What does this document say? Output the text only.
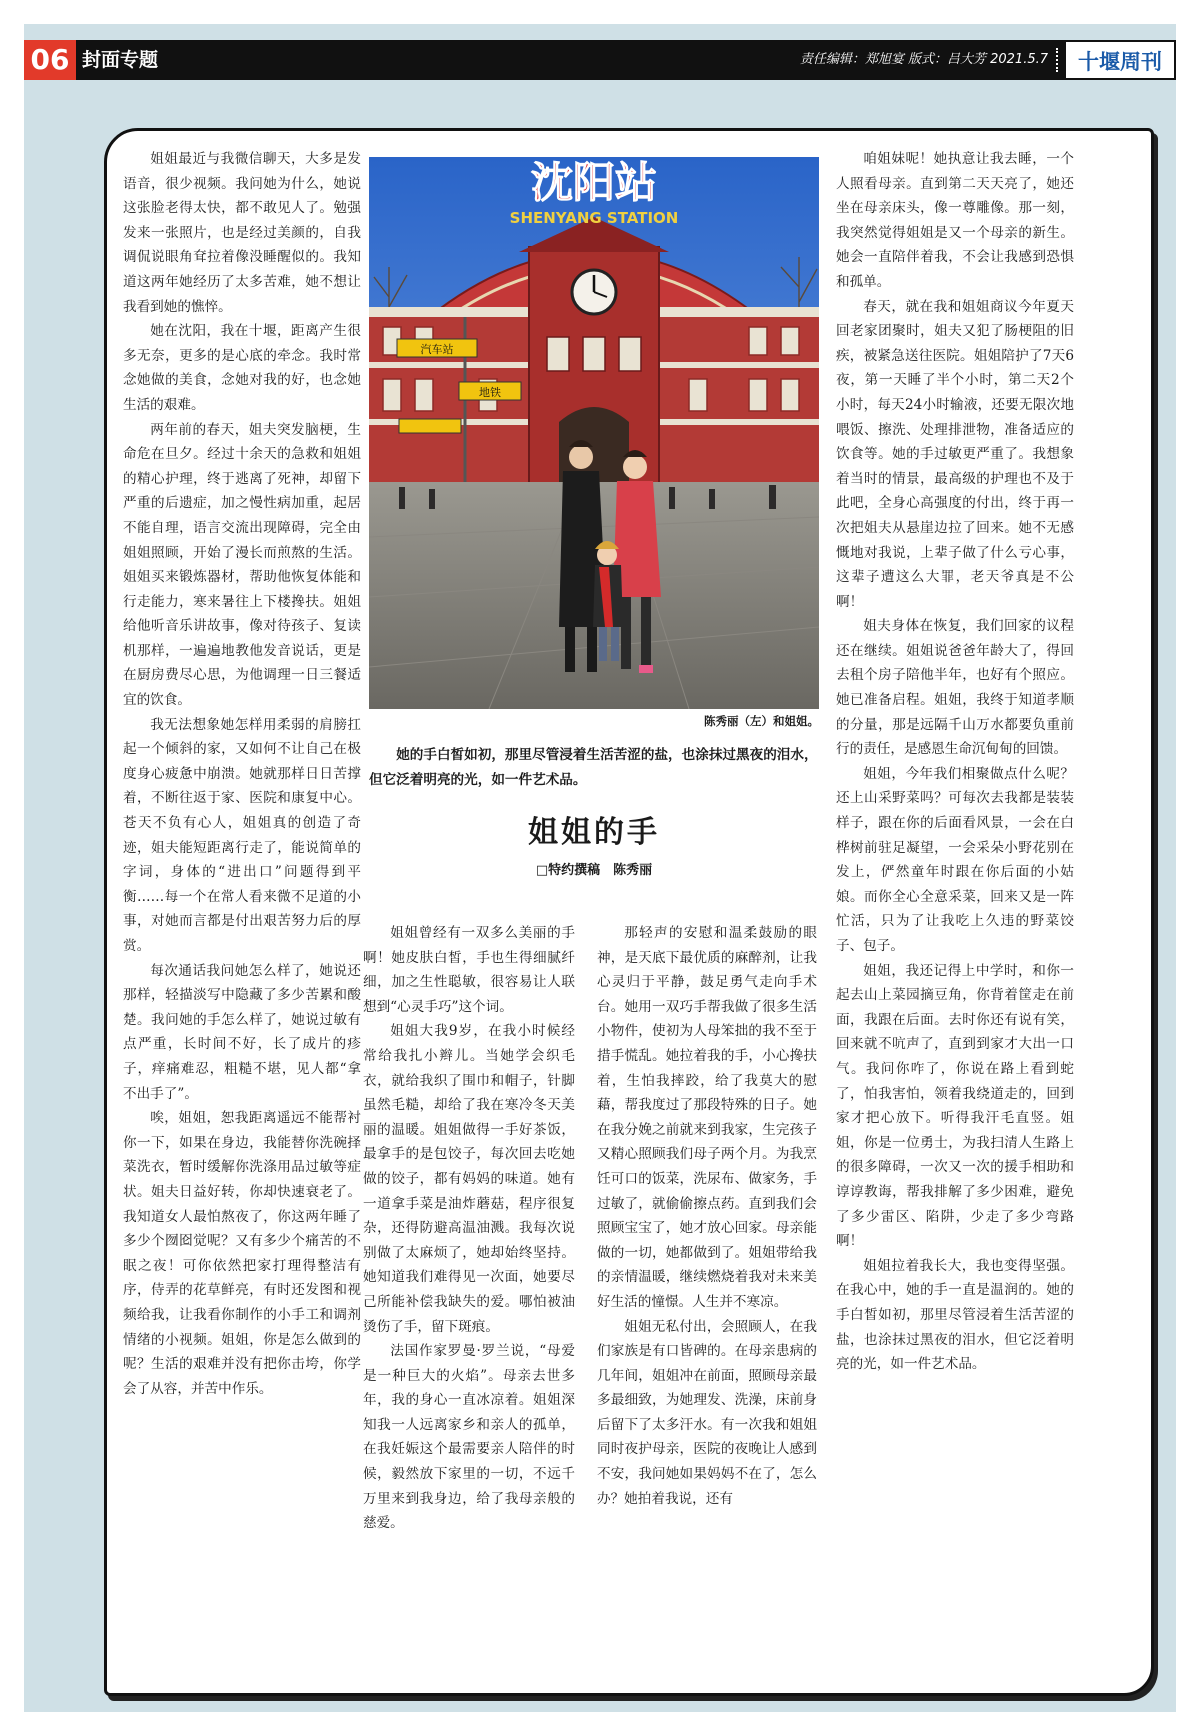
06 封面专题	责任编辑：郑旭宴 版式：吕大芳 2021.5.7	十堰周刊

姐姐最近与我微信聊天，大多是发语音，很少视频。我问她为什么，她说这张脸老得太快，都不敢见人了。勉强发来一张照片，也是经过美颜的，自我调侃说眼角耷拉着像没睡醒似的。我知道这两年她经历了太多苦难，她不想让我看到她的憔悴。

她在沈阳，我在十堰，距离产生很多无奈，更多的是心底的牵念。我时常念她做的美食，念她对我的好，也念她生活的艰难。

两年前的春天，姐夫突发脑梗，生命危在旦夕。经过十余天的急救和姐姐的精心护理，终于逃离了死神，却留下严重的后遗症，加之慢性病加重，起居不能自理，语言交流出现障碍，完全由姐姐照顾，开始了漫长而煎熬的生活。姐姐买来锻炼器材，帮助他恢复体能和行走能力，寒来暑往上下楼搀扶。姐姐给他听音乐讲故事，像对待孩子、复读机那样，一遍遍地教他发音说话，更是在厨房费尽心思，为他调理一日三餐适宜的饮食。

我无法想象她怎样用柔弱的肩膀扛起一个倾斜的家，又如何不让自己在极度身心疲惫中崩溃。她就那样日日苦撑着，不断往返于家、医院和康复中心。苍天不负有心人，姐姐真的创造了奇迹，姐夫能短距离行走了，能说简单的字词，身体的“进出口”问题得到平衡……每一个在常人看来微不足道的小事，对她而言都是付出艰苦努力后的厚赏。

每次通话我问她怎么样了，她说还那样，轻描淡写中隐藏了多少苦累和酸楚。我问她的手怎么样了，她说过敏有点严重，长时间不好，长了成片的疹子，痒痛难忍，粗糙不堪，见人都“拿不出手了”。

唉，姐姐，恕我距离遥远不能帮衬你一下，如果在身边，我能替你洗碗择菜洗衣，暂时缓解你洗涤用品过敏等症状。姐夫日益好转，你却快速衰老了。我知道女人最怕熬夜了，你这两年睡了多少个囫囵觉呢？又有多少个痛苦的不眠之夜！可你依然把家打理得整洁有序，侍弄的花草鲜亮，有时还发图和视频给我，让我看你制作的小手工和调剂情绪的小视频。姐姐，你是怎么做到的呢？生活的艰难并没有把你击垮，你学会了从容，并苦中作乐。

沈阳站
SHENYANG STATION
汽车站
地铁
陈秀丽（左）和姐姐。
她的手白皙如初，那里尽管浸着生活苦涩的盐，也涂抹过黑夜的泪水，但它泛着明亮的光，如一件艺术品。
姐姐的手
□特约撰稿　陈秀丽

姐姐曾经有一双多么美丽的手啊！她皮肤白皙，手也生得细腻纤细，加之生性聪敏，很容易让人联想到“心灵手巧”这个词。

姐姐大我9岁，在我小时候经常给我扎小辫儿。当她学会织毛衣，就给我织了围巾和帽子，针脚虽然毛糙，却给了我在寒冷冬天美丽的温暖。姐姐做得一手好茶饭，最拿手的是包饺子，每次回去吃她做的饺子，都有妈妈的味道。她有一道拿手菜是油炸蘑菇，程序很复杂，还得防避高温油溅。我每次说别做了太麻烦了，她却始终坚持。她知道我们难得见一次面，她要尽己所能补偿我缺失的爱。哪怕被油烫伤了手，留下斑痕。

法国作家罗曼·罗兰说，“母爱是一种巨大的火焰”。母亲去世多年，我的身心一直冰凉着。姐姐深知我一人远离家乡和亲人的孤单，在我妊娠这个最需要亲人陪伴的时候，毅然放下家里的一切，不远千万里来到我身边，给了我母亲般的慈爱。

那轻声的安慰和温柔鼓励的眼神，是天底下最优质的麻醉剂，让我心灵归于平静，鼓足勇气走向手术台。她用一双巧手帮我做了很多生活小物件，使初为人母笨拙的我不至于措手慌乱。她拉着我的手，小心搀扶着，生怕我摔跤，给了我莫大的慰藉，帮我度过了那段特殊的日子。她在我分娩之前就来到我家，生完孩子又精心照顾我们母子两个月。为我烹饪可口的饭菜，洗尿布、做家务，手过敏了，就偷偷擦点药。直到我们会照顾宝宝了，她才放心回家。母亲能做的一切，她都做到了。姐姐带给我的亲情温暖，继续燃烧着我对未来美好生活的憧憬。人生并不寒凉。

姐姐无私付出，会照顾人，在我们家族是有口皆碑的。在母亲患病的几年间，姐姐冲在前面，照顾母亲最多最细致，为她理发、洗澡，床前身后留下了太多汗水。有一次我和姐姐同时夜护母亲，医院的夜晚让人感到不安，我问她如果妈妈不在了，怎么办？她拍着我说，还有

咱姐妹呢！她执意让我去睡，一个人照看母亲。直到第二天天亮了，她还坐在母亲床头，像一尊雕像。那一刻，我突然觉得姐姐是又一个母亲的新生。她会一直陪伴着我，不会让我感到恐惧和孤单。

春天，就在我和姐姐商议今年夏天回老家团聚时，姐夫又犯了肠梗阻的旧疾，被紧急送往医院。姐姐陪护了7天6夜，第一天睡了半个小时，第二天2个小时，每天24小时输液，还要无限次地喂饭、擦洗、处理排泄物，准备适应的饮食等。她的手过敏更严重了。我想象着当时的情景，最高级的护理也不及于此吧，全身心高强度的付出，终于再一次把姐夫从悬崖边拉了回来。她不无感慨地对我说，上辈子做了什么亏心事，这辈子遭这么大罪，老天爷真是不公啊！

姐夫身体在恢复，我们回家的议程还在继续。姐姐说爸爸年龄大了，得回去租个房子陪他半年，也好有个照应。她已准备启程。姐姐，我终于知道孝顺的分量，那是远隔千山万水都要负重前行的责任，是感恩生命沉甸甸的回馈。

姐姐，今年我们相聚做点什么呢？还上山采野菜吗？可每次去我都是装装样子，跟在你的后面看风景，一会在白桦树前驻足凝望，一会采朵小野花别在发上，俨然童年时跟在你后面的小姑娘。而你全心全意采菜，回来又是一阵忙活，只为了让我吃上久违的野菜饺子、包子。

姐姐，我还记得上中学时，和你一起去山上菜园摘豆角，你背着筐走在前面，我跟在后面。去时你还有说有笑，回来就不吭声了，直到到家才大出一口气。我问你咋了，你说在路上看到蛇了，怕我害怕，领着我绕道走的，回到家才把心放下。听得我汗毛直竖。姐姐，你是一位勇士，为我扫清人生路上的很多障碍，一次又一次的援手相助和谆谆教诲，帮我排解了多少困难，避免了多少雷区、陷阱，少走了多少弯路啊！

姐姐拉着我长大，我也变得坚强。在我心中，她的手一直是温润的。她的手白皙如初，那里尽管浸着生活苦涩的盐，也涂抹过黑夜的泪水，但它泛着明亮的光，如一件艺术品。
